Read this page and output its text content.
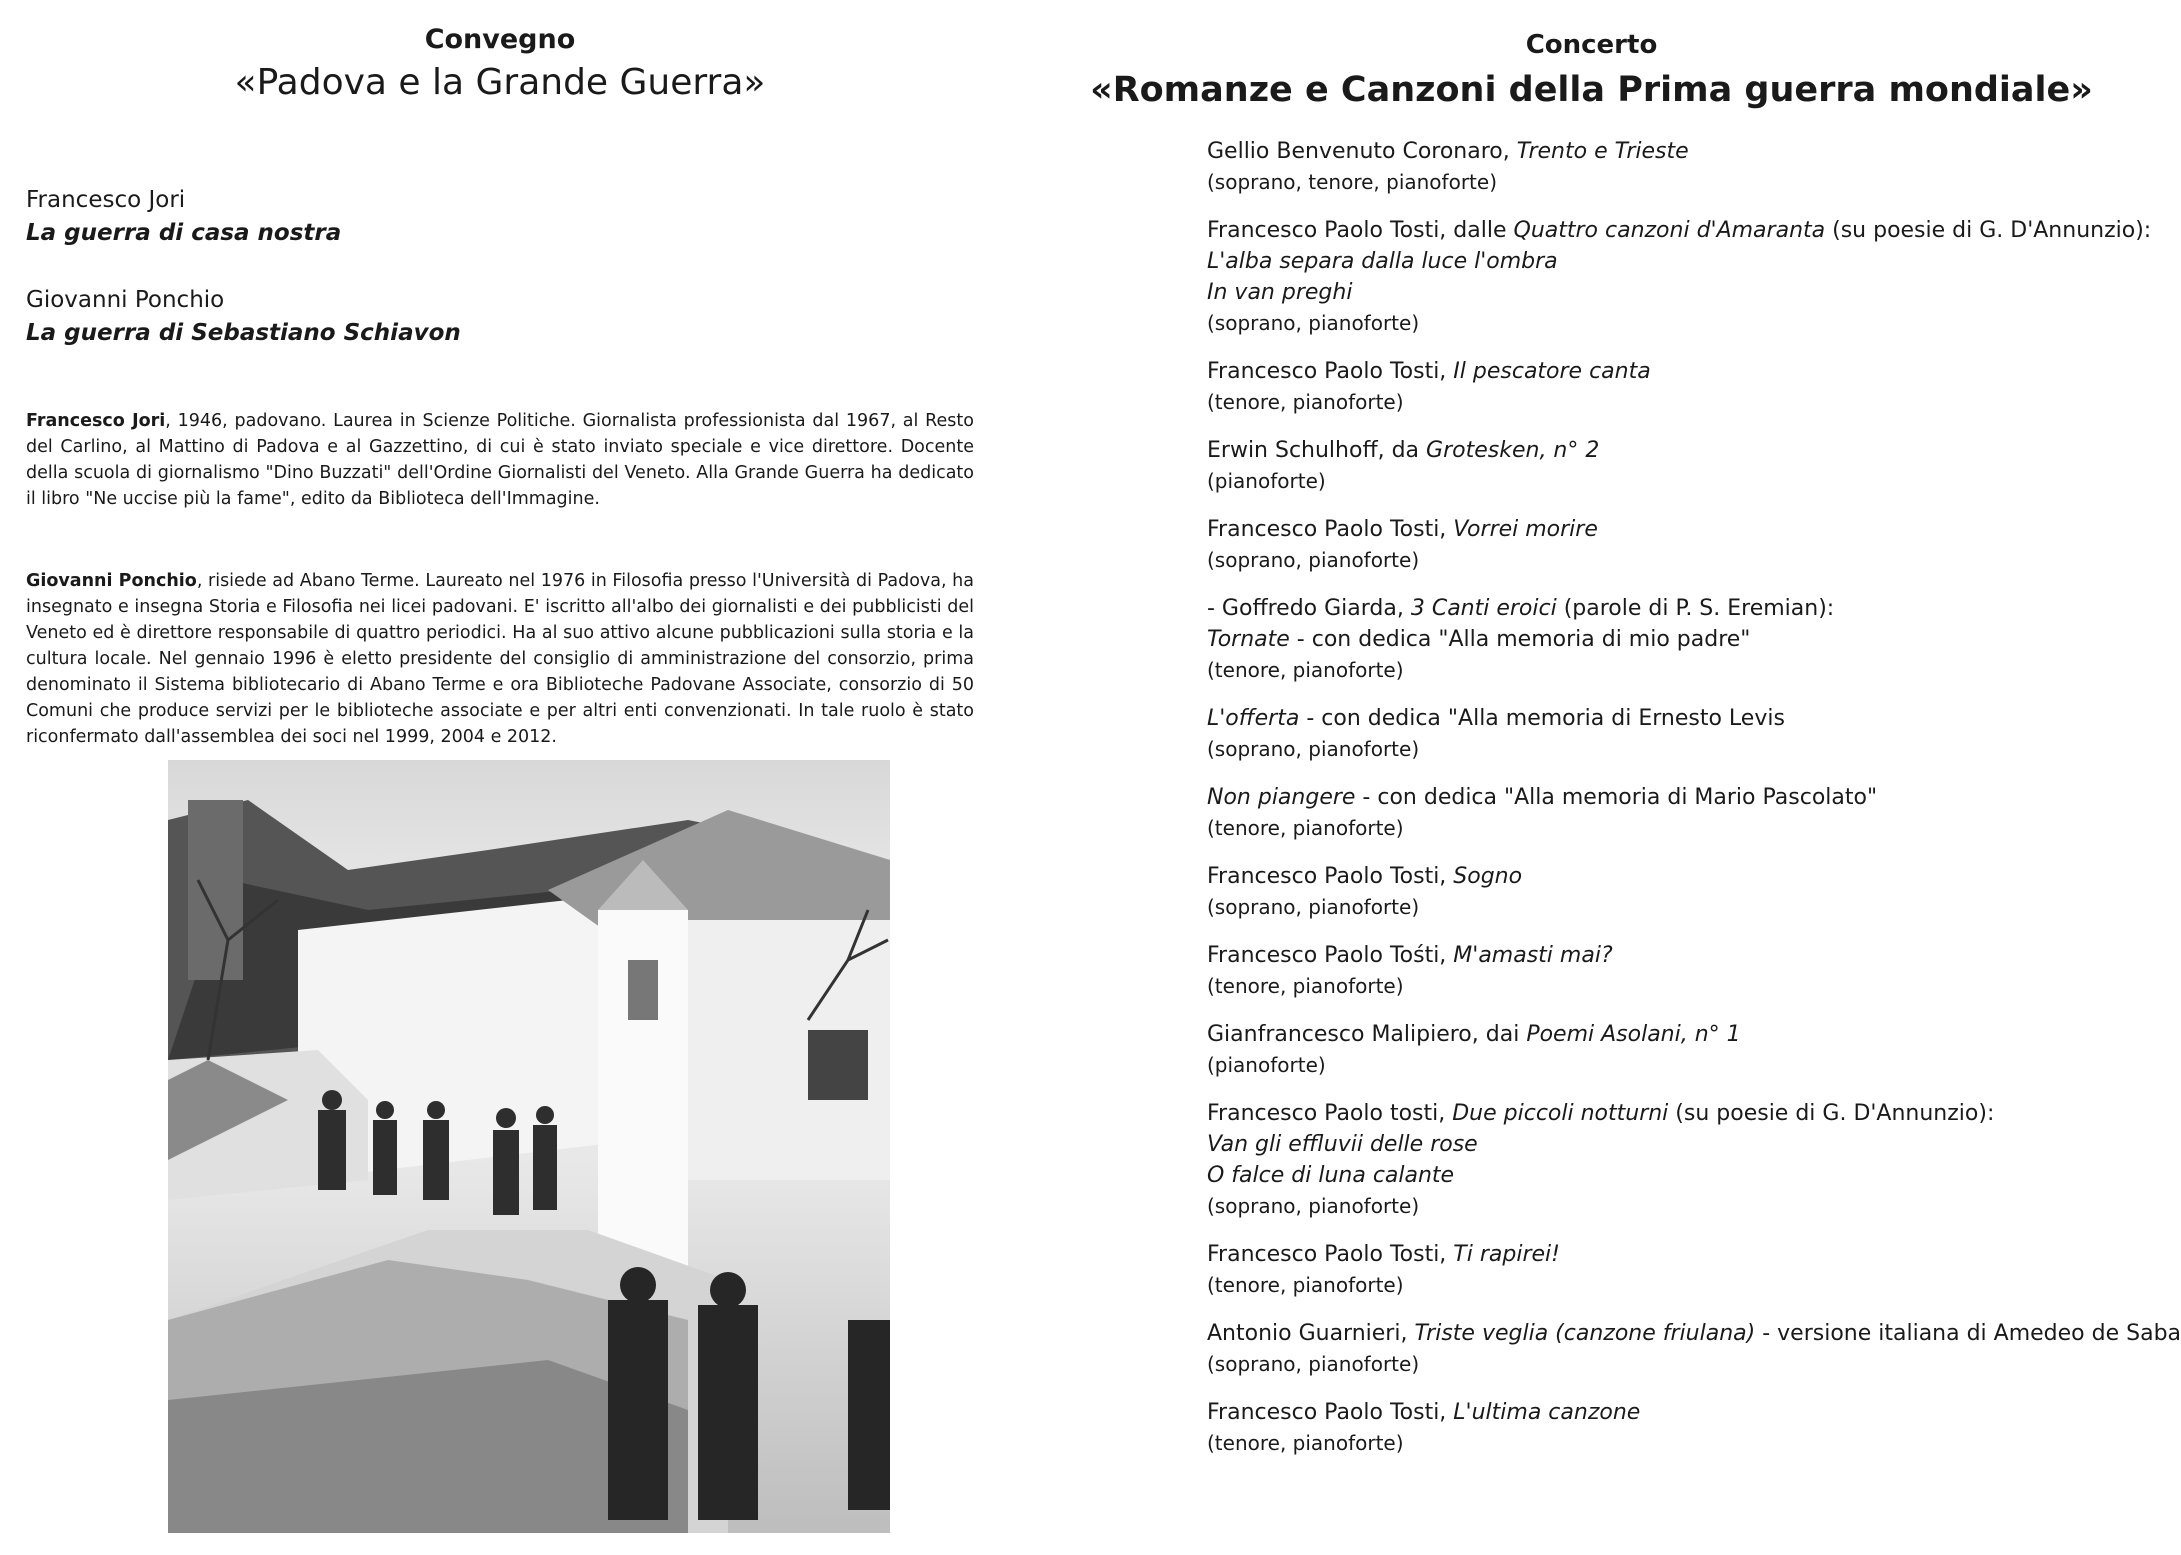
Convegno
«Padova e la Grande Guerra»
Francesco Jori
La guerra di casa nostra
Giovanni Ponchio
La guerra di Sebastiano Schiavon
Francesco Jori, 1946, padovano. Laurea in Scienze Politiche. Giornalista professionista dal 1967, al Resto del Carlino, al Mattino di Padova e al Gazzettino, di cui è stato inviato speciale e vice direttore. Docente della scuola di giornalismo "Dino Buzzati" dell'Ordine Giornalisti del Veneto. Alla Grande Guerra ha dedicato il libro "Ne uccise più la fame", edito da Biblioteca dell'Immagine.
Giovanni Ponchio, risiede ad Abano Terme. Laureato nel 1976 in Filosofia presso l'Università di Padova, ha insegnato e insegna Storia e Filosofia nei licei padovani. E' iscritto all'albo dei giornalisti e dei pubblicisti del Veneto ed è direttore responsabile di quattro periodici. Ha al suo attivo alcune pubblicazioni sulla storia e la cultura locale. Nel gennaio 1996 è eletto presidente del consiglio di amministrazione del consorzio, prima denominato il Sistema bibliotecario di Abano Terme e ora Biblioteche Padovane Associate, consorzio di 50 Comuni che produce servizi per le biblioteche associate e per altri enti convenzionati. In tale ruolo è stato riconfermato dall'assemblea dei soci nel 1999, 2004 e 2012.
Concerto
«Romanze e Canzoni della Prima guerra mondiale»
Gellio Benvenuto Coronaro, Trento e Trieste
(soprano, tenore, pianoforte)
Francesco Paolo Tosti, dalle Quattro canzoni d'Amaranta (su poesie di G. D'Annunzio):
L'alba separa dalla luce l'ombra
In van preghi
(soprano, pianoforte)
Francesco Paolo Tosti, Il pescatore canta
(tenore, pianoforte)
Erwin Schulhoff, da Grotesken, n° 2
(pianoforte)
Francesco Paolo Tosti, Vorrei morire
(soprano, pianoforte)
- Goffredo Giarda, 3 Canti eroici (parole di P. S. Eremian):
Tornate - con dedica "Alla memoria di mio padre"
(tenore, pianoforte)
L'offerta - con dedica "Alla memoria di Ernesto Levis
(soprano, pianoforte)
Non piangere - con dedica "Alla memoria di Mario Pascolato"
(tenore, pianoforte)
Francesco Paolo Tosti, Sogno
(soprano, pianoforte)
Francesco Paolo Tośti, M'amasti mai?
(tenore, pianoforte)
Gianfrancesco Malipiero, dai Poemi Asolani, n° 1
(pianoforte)
Francesco Paolo tosti, Due piccoli notturni (su poesie di G. D'Annunzio):
Van gli effluvii delle rose
O falce di luna calante
(soprano, pianoforte)
Francesco Paolo Tosti, Ti rapirei!
(tenore, pianoforte)
Antonio Guarnieri, Triste veglia (canzone friulana) - versione italiana di Amedeo de Saba
(soprano, pianoforte)
Francesco Paolo Tosti, L'ultima canzone
(tenore, pianoforte)
